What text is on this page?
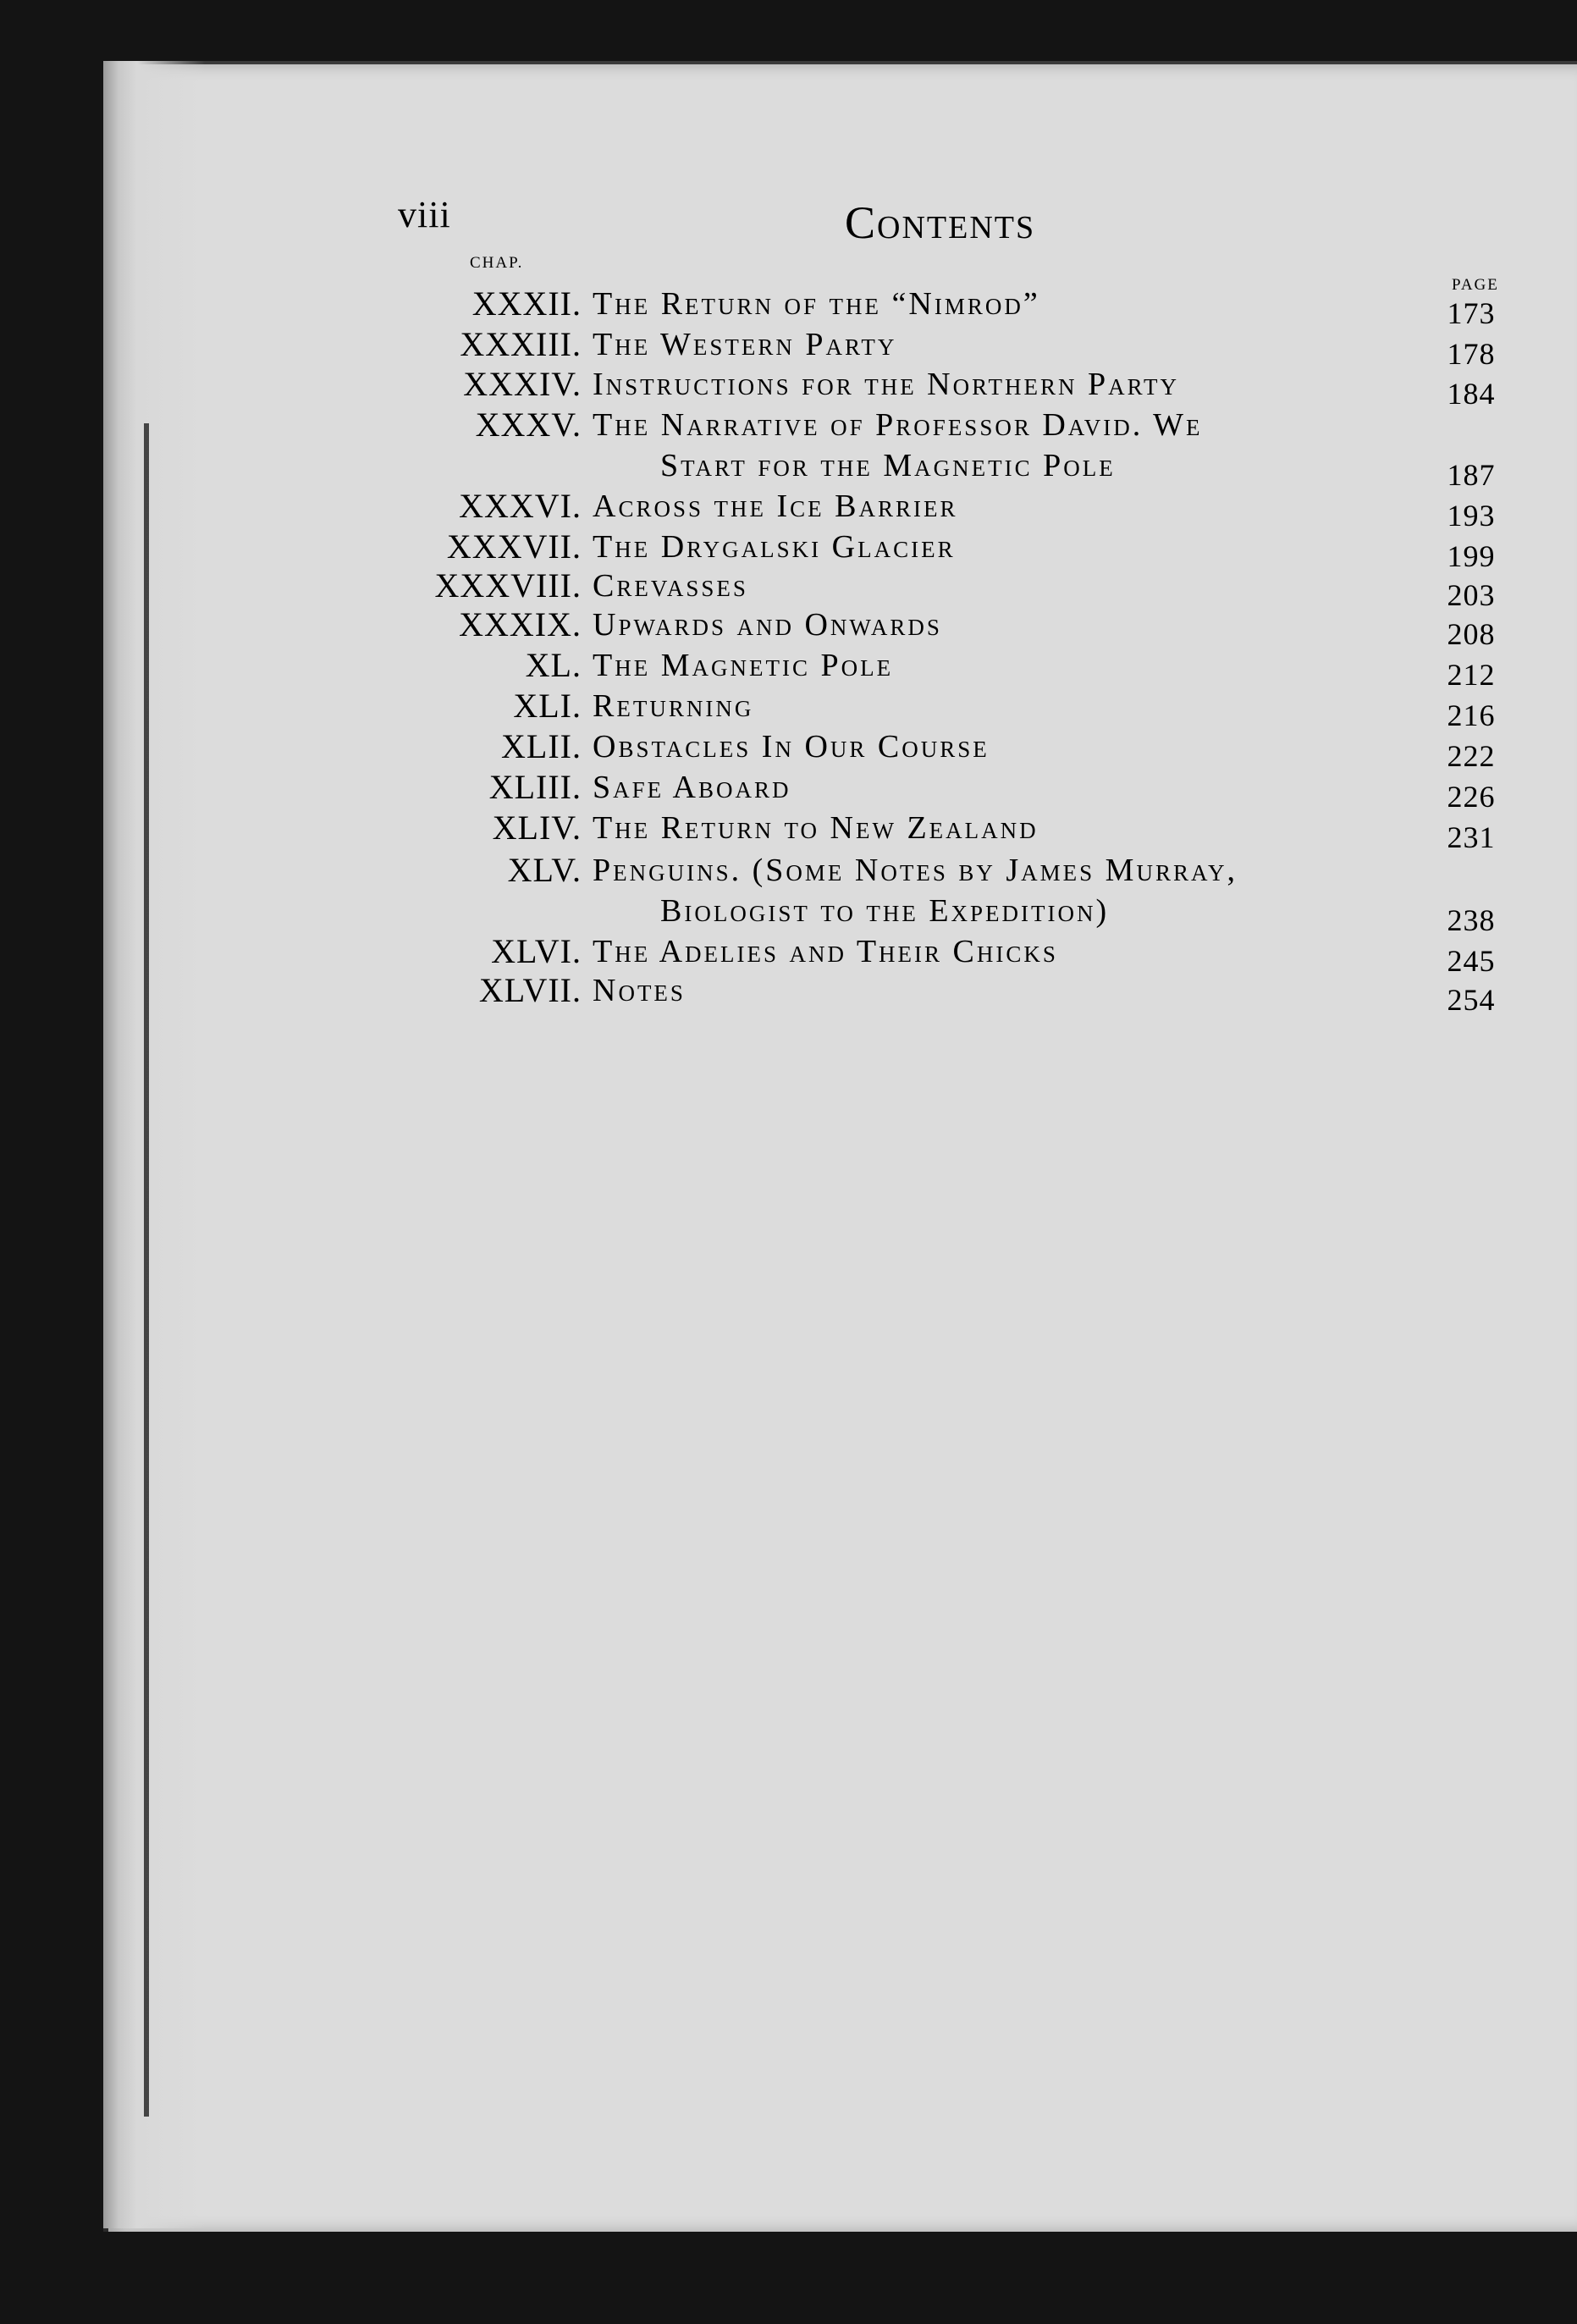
viii	Contents
CHAP.
PAGE
XXXII. The Return of the “Nimrod”	173
XXXIII. The Western Party	178
XXXIV. Instructions for the Northern Party	184
XXXV. The Narrative of Professor David. We
Start for the Magnetic Pole	187
XXXVI. Across the Ice Barrier	193
XXXVII. The Drygalski Glacier	199
XXXVIII. Crevasses	203
XXXIX. Upwards and Onwards	208
XL. The Magnetic Pole	212
XLI. Returning	216
XLII. Obstacles In Our Course	222
XLIII. Safe Aboard	226
XLIV. The Return to New Zealand	231
XLV. Penguins. (Some Notes by James Murray,
Biologist to the Expedition)	238
XLVI. The Adelies and Their Chicks	245
XLVII. Notes	254
